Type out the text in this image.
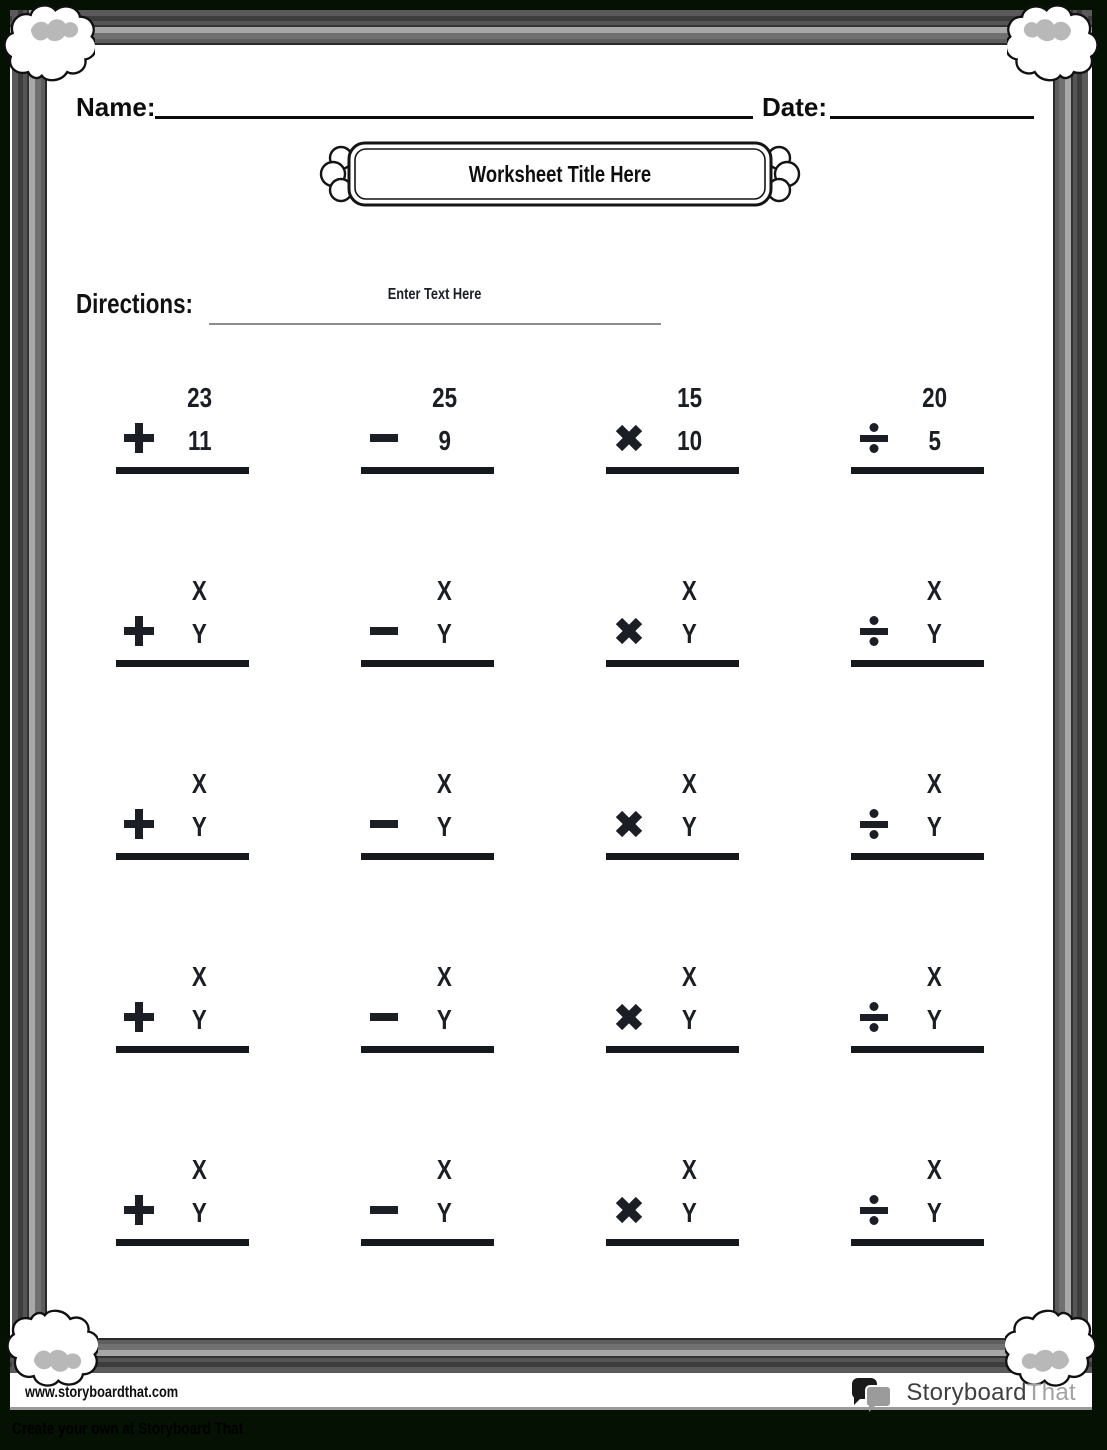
Name:	Date:
Worksheet Title Here
Directions:	Enter Text Here
23
11
25
9
15
10
20
5
X
Y
X
Y
X
Y
X
Y
X
Y
X
Y
X
Y
X
Y
X
Y
X
Y
X
Y
X
Y
X
Y
X
Y
X
Y
X
Y
www.storyboardthat.com	StoryboardThat
Create your own at Storyboard That
